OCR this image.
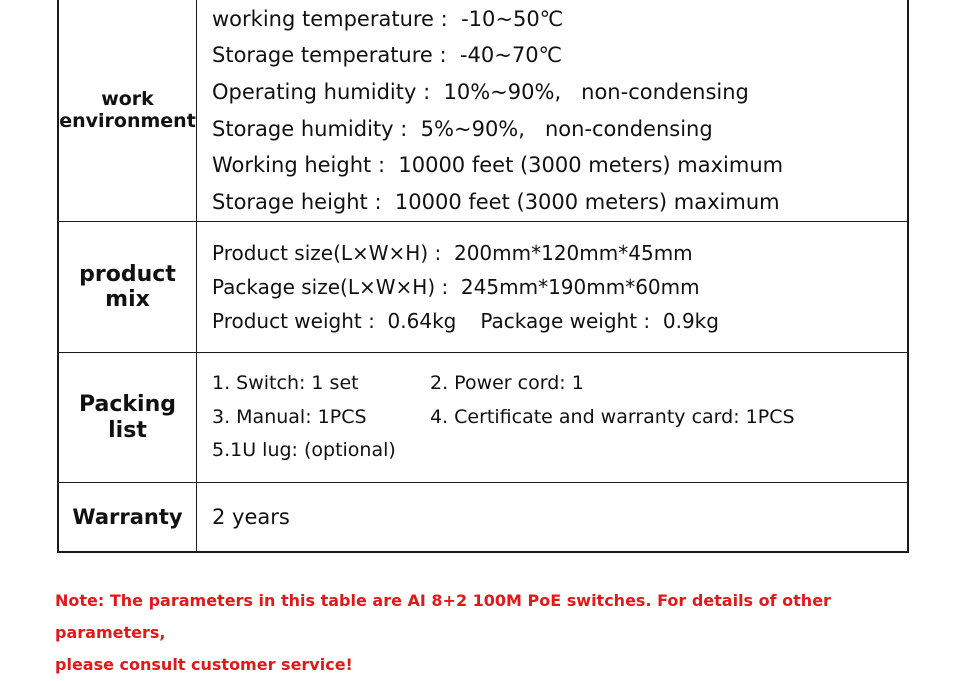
work
environment
working temperature :  -10~50℃
Storage temperature :  -40~70℃
Operating humidity :  10%~90%,   non-condensing
Storage humidity :  5%~90%,   non-condensing
Working height :  10000 feet (3000 meters) maximum
Storage height :  10000 feet (3000 meters) maximum
product
mix
Product size(L×W×H) :  200mm*120mm*45mm
Package size(L×W×H) :  245mm*190mm*60mm
Product weight :  0.64kg Package weight :  0.9kg
Packing
list
1. Switch: 1 set	2. Power cord: 1
3. Manual: 1PCS	4. Certificate and warranty card: 1PCS
5.1U lug: (optional)
Warranty 2 years
Note: The parameters in this table are AI 8+2 100M PoE switches. For details of other parameters,
please consult customer service!
